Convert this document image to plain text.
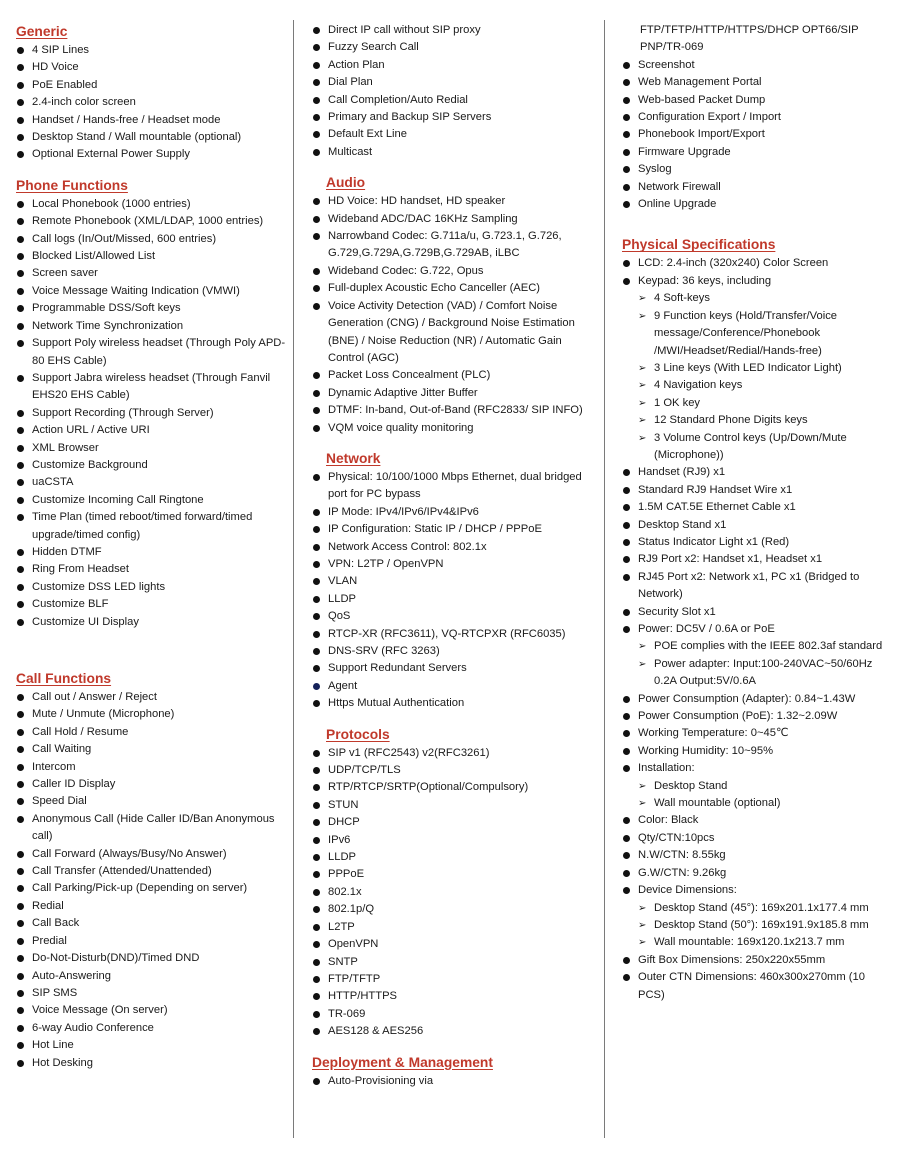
Generic
4 SIP Lines
HD Voice
PoE Enabled
2.4-inch color screen
Handset / Hands-free / Headset mode
Desktop Stand / Wall mountable (optional)
Optional External Power Supply
Phone Functions
Local Phonebook (1000 entries)
Remote Phonebook (XML/LDAP, 1000 entries)
Call logs (In/Out/Missed, 600 entries)
Blocked List/Allowed List
Screen saver
Voice Message Waiting Indication (VMWI)
Programmable DSS/Soft keys
Network Time Synchronization
Support Poly wireless headset (Through Poly APD-80 EHS Cable)
Support Jabra wireless headset (Through Fanvil EHS20 EHS Cable)
Support Recording (Through Server)
Action URL / Active URI
XML Browser
Customize Background
uaCSTA
Customize Incoming Call Ringtone
Time Plan (timed reboot/timed forward/timed upgrade/timed config)
Hidden DTMF
Ring From Headset
Customize DSS LED lights
Customize BLF
Customize UI Display
Call Functions
Call out / Answer / Reject
Mute / Unmute (Microphone)
Call Hold / Resume
Call Waiting
Intercom
Caller ID Display
Speed Dial
Anonymous Call (Hide Caller ID/Ban Anonymous call)
Call Forward (Always/Busy/No Answer)
Call Transfer (Attended/Unattended)
Call Parking/Pick-up (Depending on server)
Redial
Call Back
Predial
Do-Not-Disturb(DND)/Timed DND
Auto-Answering
SIP SMS
Voice Message (On server)
6-way Audio Conference
Hot Line
Hot Desking
Direct IP call without SIP proxy
Fuzzy Search Call
Action Plan
Dial Plan
Call Completion/Auto Redial
Primary and Backup SIP Servers
Default Ext Line
Multicast
Audio
HD Voice: HD handset, HD speaker
Wideband ADC/DAC 16KHz Sampling
Narrowband Codec: G.711a/u, G.723.1, G.726, G.729,G.729A,G.729B,G.729AB, iLBC
Wideband Codec: G.722, Opus
Full-duplex Acoustic Echo Canceller (AEC)
Voice Activity Detection (VAD) / Comfort Noise Generation (CNG) / Background Noise Estimation (BNE) / Noise Reduction (NR) / Automatic Gain Control (AGC)
Packet Loss Concealment (PLC)
Dynamic Adaptive Jitter Buffer
DTMF: In-band, Out-of-Band (RFC2833/ SIP INFO)
VQM voice quality monitoring
Network
Physical: 10/100/1000 Mbps Ethernet, dual bridged port for PC bypass
IP Mode: IPv4/IPv6/IPv4&IPv6
IP Configuration: Static IP / DHCP / PPPoE
Network Access Control: 802.1x
VPN: L2TP / OpenVPN
VLAN
LLDP
QoS
RTCP-XR (RFC3611), VQ-RTCPXR (RFC6035)
DNS-SRV (RFC 3263)
Support Redundant Servers
Agent
Https Mutual Authentication
Protocols
SIP v1 (RFC2543) v2(RFC3261)
UDP/TCP/TLS
RTP/RTCP/SRTP(Optional/Compulsory)
STUN
DHCP
IPv6
LLDP
PPPoE
802.1x
802.1p/Q
L2TP
OpenVPN
SNTP
FTP/TFTP
HTTP/HTTPS
TR-069
AES128 & AES256
Deployment & Management
Auto-Provisioning via
FTP/TFTP/HTTP/HTTPS/DHCP OPT66/SIP PNP/TR-069
Screenshot
Web Management Portal
Web-based Packet Dump
Configuration Export / Import
Phonebook Import/Export
Firmware Upgrade
Syslog
Network Firewall
Online Upgrade
Physical Specifications
LCD: 2.4-inch (320x240) Color Screen
Keypad: 36 keys, including
➢ 4 Soft-keys
➢ 9 Function keys (Hold/Transfer/Voice message/Conference/Phonebook /MWI/Headset/Redial/Hands-free)
➢ 3 Line keys (With LED Indicator Light)
➢ 4 Navigation keys
➢ 1 OK key
➢ 12 Standard Phone Digits keys
➢ 3 Volume Control keys (Up/Down/Mute (Microphone))
Handset (RJ9) x1
Standard RJ9 Handset Wire x1
1.5M CAT.5E Ethernet Cable x1
Desktop Stand x1
Status Indicator Light x1 (Red)
RJ9 Port x2: Handset x1, Headset x1
RJ45 Port x2: Network x1, PC x1 (Bridged to Network)
Security Slot x1
Power: DC5V / 0.6A or PoE
➢ POE complies with the IEEE 802.3af standard
➢ Power adapter: Input:100-240VAC~50/60Hz 0.2A Output:5V/0.6A
Power Consumption (Adapter): 0.84~1.43W
Power Consumption (PoE): 1.32~2.09W
Working Temperature: 0~45℃
Working Humidity: 10~95%
Installation:
➢ Desktop Stand
➢ Wall mountable (optional)
Color: Black
Qty/CTN:10pcs
N.W/CTN: 8.55kg
G.W/CTN: 9.26kg
Device Dimensions:
➢ Desktop Stand (45°): 169x201.1x177.4 mm
➢ Desktop Stand (50°): 169x191.9x185.8 mm
➢ Wall mountable: 169x120.1x213.7 mm
Gift Box Dimensions: 250x220x55mm
Outer CTN Dimensions: 460x300x270mm (10 PCS)
